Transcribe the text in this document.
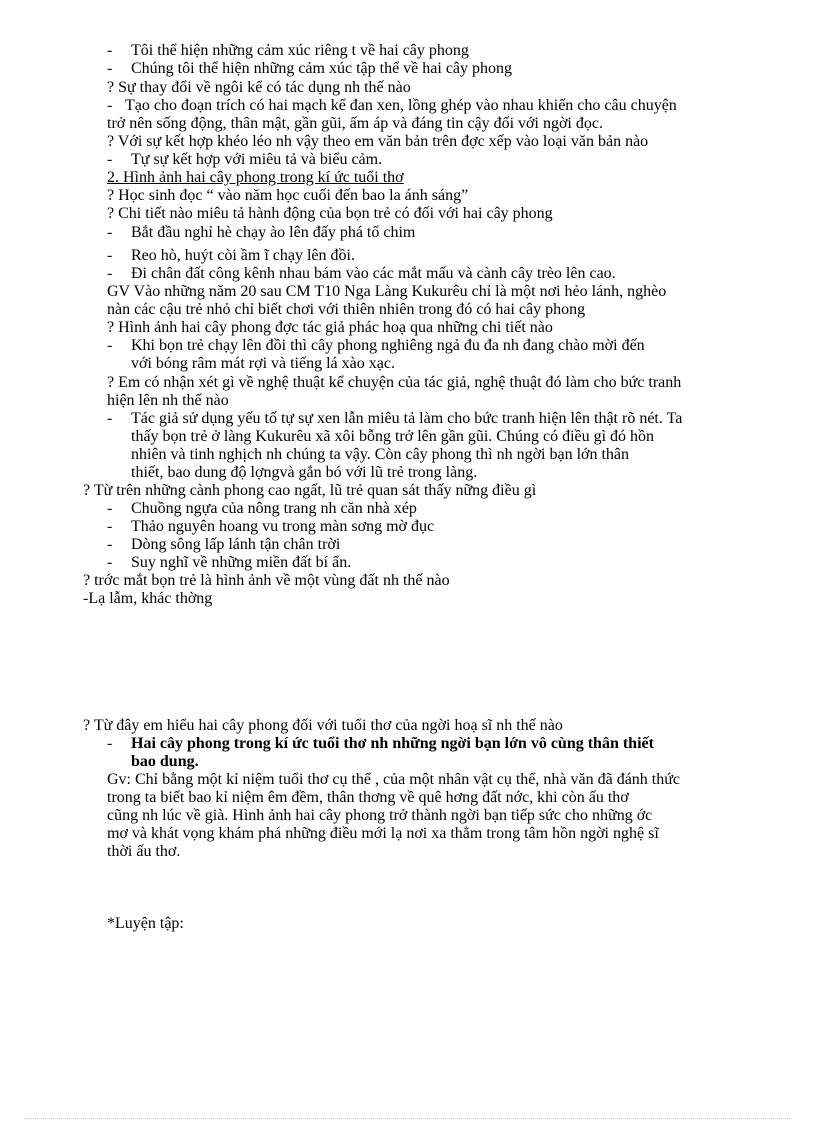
- Tôi thể hiện những cảm xúc riêng t về hai cây phong
- Chúng tôi thể hiện những cảm xúc tập thể về hai cây phong
? Sự thay đổi về ngôi kể có tác dụng nh thế nào
- Tạo cho đoạn trích có hai mạch kể đan xen, lồng ghép vào nhau khiến cho câu chuyện
trở nên sống động, thân mật, gần gũi, ấm áp và đáng tin cậy đối với ngời đọc.
? Với sự kết hợp khéo léo nh vậy theo em văn bản trên đợc xếp vào loại văn bản nào
- Tự sự kết hợp với miêu tả và biểu cảm.
2. Hình ảnh hai cây phong trong kí ức tuổi thơ
? Học sinh đọc “ vào năm học cuối đến bao la ánh sáng”
? Chi tiết nào miêu tả hành động của bọn trẻ có đối với hai cây phong
- Bắt đầu nghỉ hè chạy ào lên đấy phá tổ chim
- Reo hò, huýt còi ầm ĩ chạy lên đồi.
- Đi chân đất công kênh nhau bám vào các mắt mấu và cành cây trèo lên cao.
GV Vào những năm 20 sau CM T10 Nga Làng Kukurêu chỉ là một nơi hẻo lánh, nghèo
nàn các cậu trẻ nhỏ chỉ biết chơi với thiên nhiên trong đó có hai cây phong
? Hình ảnh hai cây phong đợc tác giả phác hoạ qua những chi tiết nào
- Khi bọn trẻ chạy lên đồi thì cây phong nghiêng ngả đu đa nh đang chào mời đến
với bóng râm mát rợi và tiếng lá xào xạc.
? Em có nhận xét gì về nghệ thuật kể chuyện của tác giả, nghệ thuật đó làm cho bức tranh
hiện lên nh thế nào
- Tác giả sử dụng yếu tố tự sự xen lẫn miêu tả làm cho bức tranh hiện lên thật rõ nét. Ta
thấy bọn trẻ ở làng Kukurêu xã xôi bỗng trở lên gần gũi. Chúng có điều gì đó hồn
nhiên và tinh nghịch nh chúng ta vậy. Còn cây phong thì nh ngời bạn lớn thân
thiết, bao dung độ lợngvà gắn bó với lũ trẻ trong làng.
? Từ trên những cành phong cao ngất, lũ trẻ quan sát thấy nững điều gì
- Chuồng ngựa của nông trang nh căn nhà xép
- Thảo nguyên hoang vu trong màn sơng mờ đục
- Dòng sông lấp lánh tận chân trời
- Suy nghĩ về những miền đất bí ẩn.
? trớc mắt bọn trẻ là hình ảnh về một vùng đất nh thế nào
-Lạ lẫm, khác thờng
? Từ đây em hiểu hai cây phong đối với tuổi thơ của ngời hoạ sĩ nh thế nào
- Hai cây phong trong kí ức tuổi thơ nh những ngời bạn lớn vô cùng thân thiết
bao dung.
Gv: Chỉ bằng một kỉ niệm tuổi thơ cụ thể , của một nhân vật cụ thể, nhà văn đã đánh thức
trong ta biết bao kỉ niệm êm đềm, thân thơng về quê hơng đất nớc, khi còn ấu thơ
cũng nh lúc về già. Hình ảnh hai cây phong trở thành ngời bạn tiếp sức cho những ớc
mơ và khát vọng khám phá những điều mới lạ nơi xa thẳm trong tâm hồn ngời nghệ sĩ
thời ấu thơ.
*Luyện tập:
